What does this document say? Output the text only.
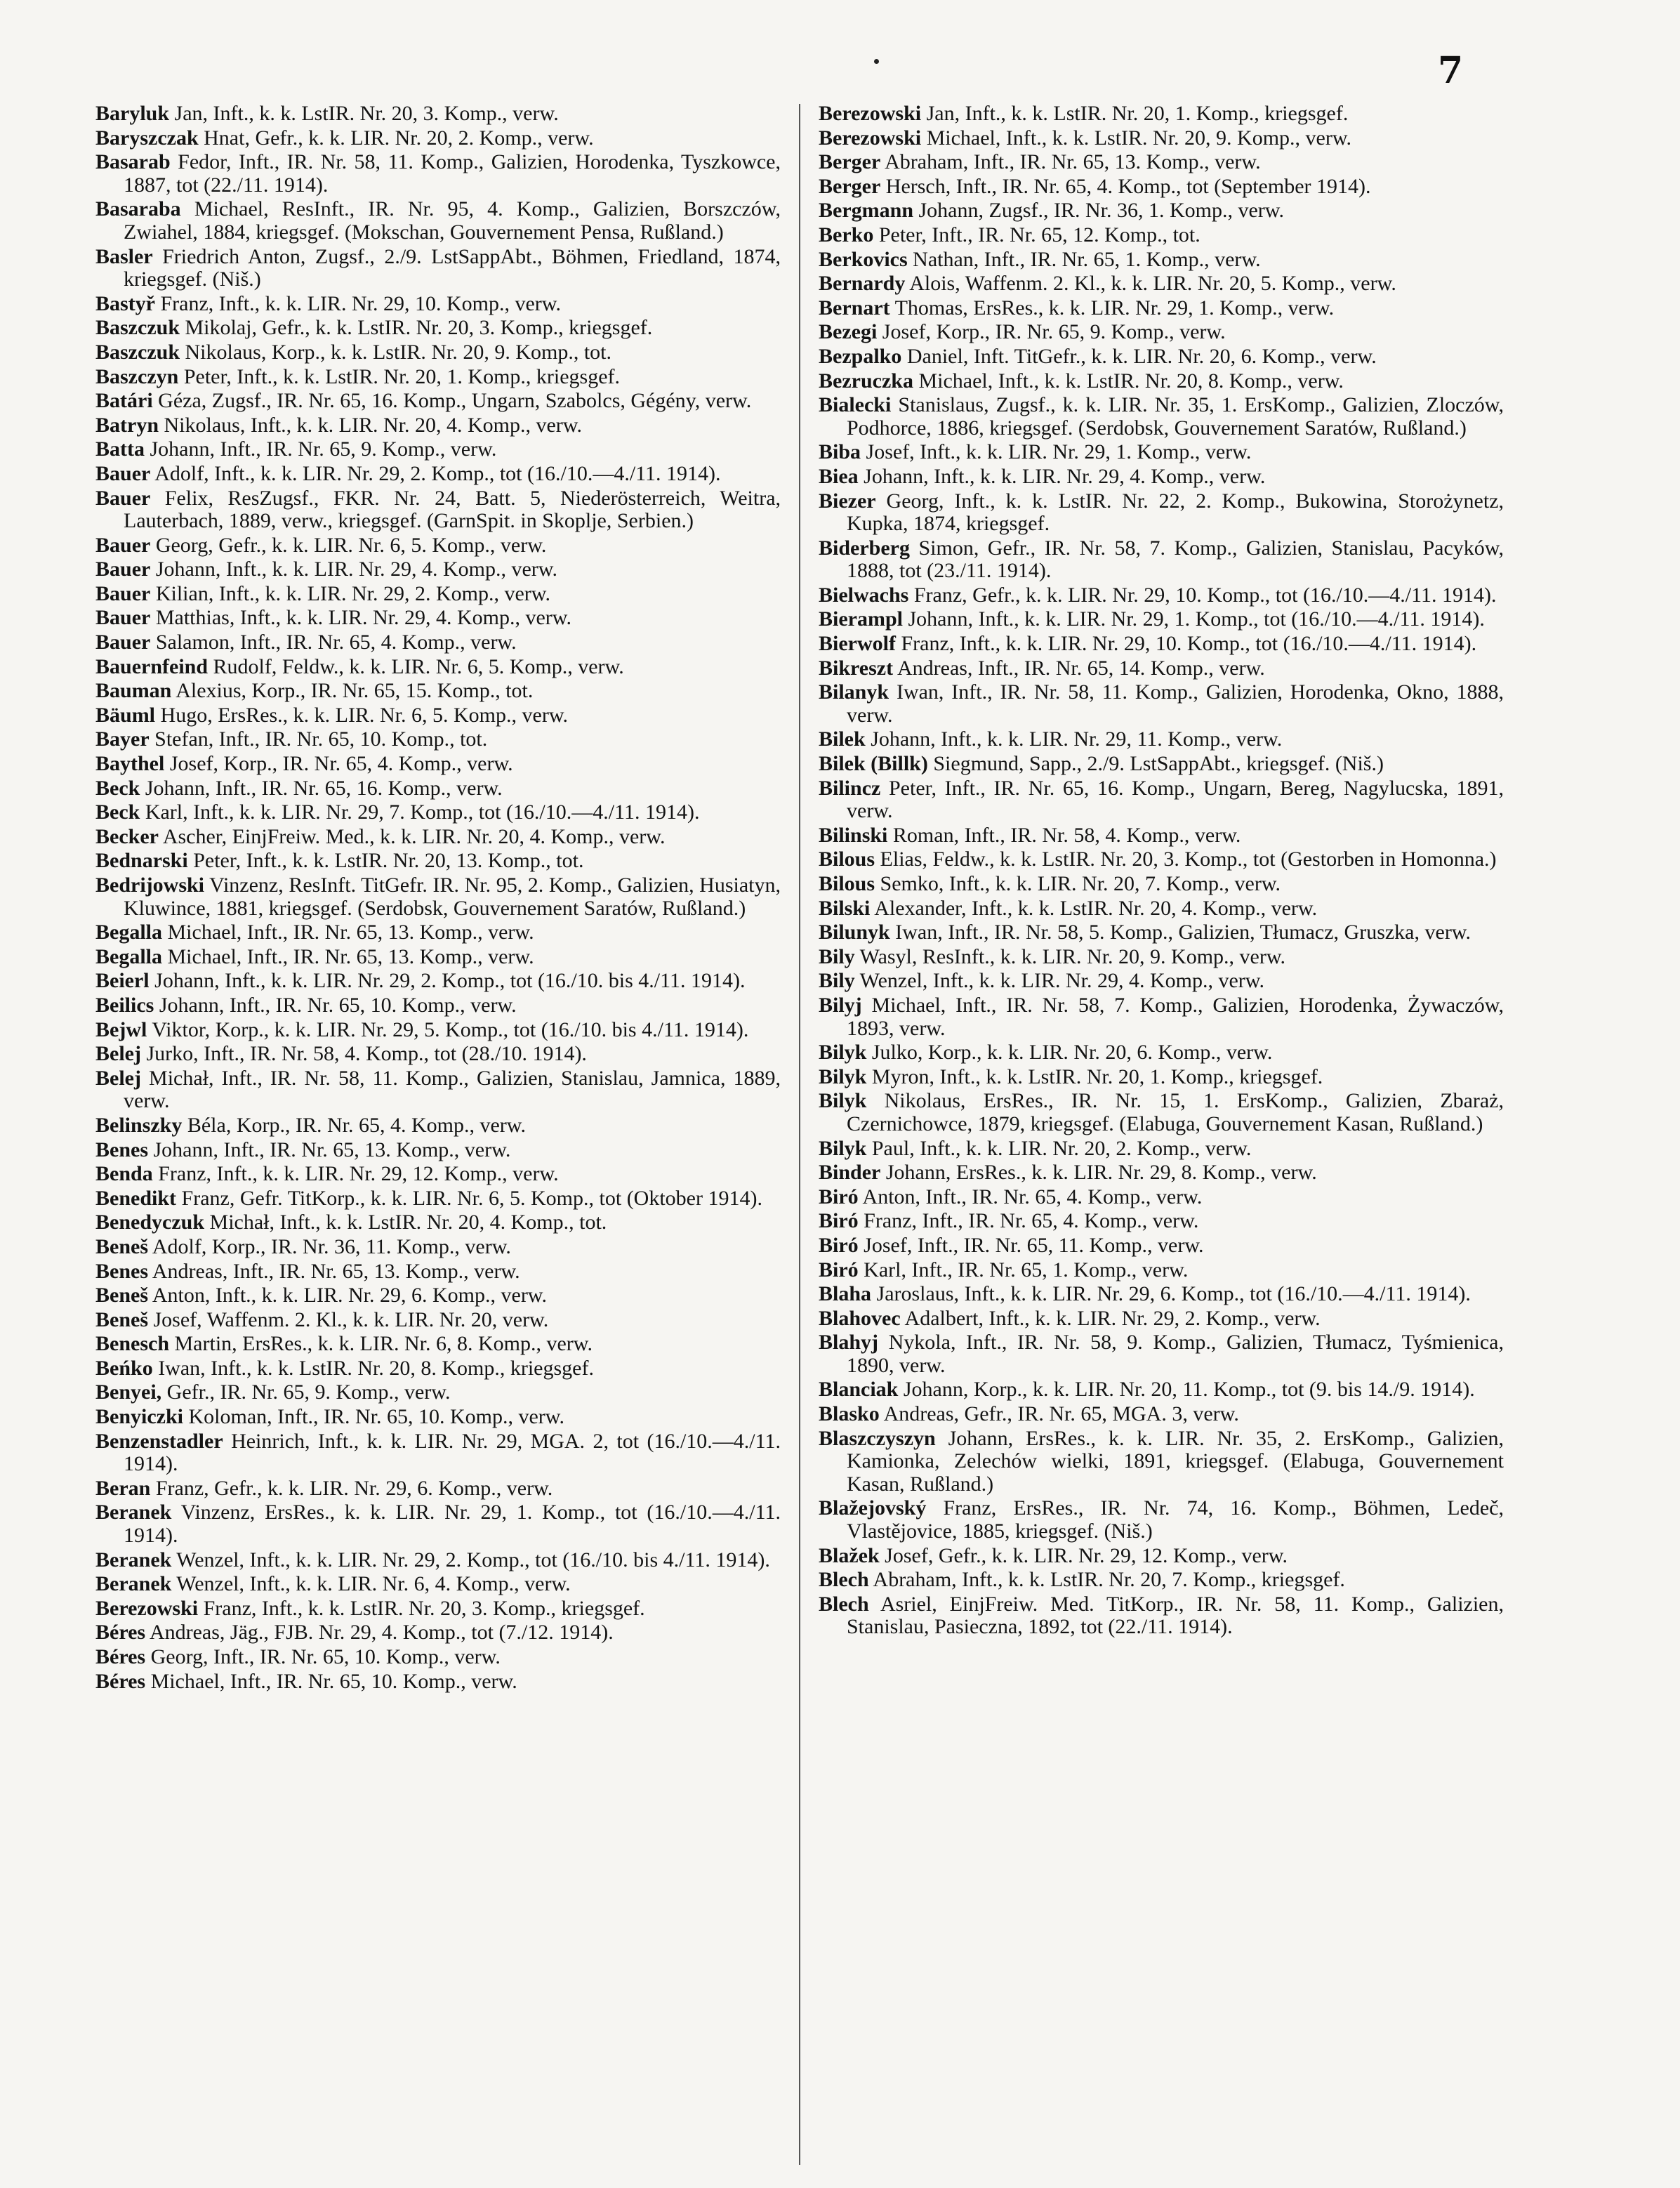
7
Baryluk Jan, Inft., k. k. LstIR. Nr. 20, 3. Komp., verw.
Baryszczak Hnat, Gefr., k. k. LIR. Nr. 20, 2. Komp., verw.
Basarab Fedor, Inft., IR. Nr. 58, 11. Komp., Galizien, Horodenka, Tyszkowce, 1887, tot (22./11. 1914).
Basaraba Michael, ResInft., IR. Nr. 95, 4. Komp., Galizien, Borszczów, Zwiahel, 1884, kriegsgef. (Mokschan, Gouvernement Pensa, Rußland.)
Basler Friedrich Anton, Zugsf., 2./9. LstSappAbt., Böhmen, Friedland, 1874, kriegsgef. (Niš.)
Bastyř Franz, Inft., k. k. LIR. Nr. 29, 10. Komp., verw.
Baszczuk Mikolaj, Gefr., k. k. LstIR. Nr. 20, 3. Komp., kriegsgef.
Baszczuk Nikolaus, Korp., k. k. LstIR. Nr. 20, 9. Komp., tot.
Baszczyn Peter, Inft., k. k. LstIR. Nr. 20, 1. Komp., kriegsgef.
Batári Géza, Zugsf., IR. Nr. 65, 16. Komp., Ungarn, Szabolcs, Gégény, verw.
Batryn Nikolaus, Inft., k. k. LIR. Nr. 20, 4. Komp., verw.
Batta Johann, Inft., IR. Nr. 65, 9. Komp., verw.
Bauer Adolf, Inft., k. k. LIR. Nr. 29, 2. Komp., tot (16./10.—4./11. 1914).
Bauer Felix, ResZugsf., FKR. Nr. 24, Batt. 5, Niederösterreich, Weitra, Lauterbach, 1889, verw., kriegsgef. (GarnSpit. in Skoplje, Serbien.)
Bauer Georg, Gefr., k. k. LIR. Nr. 6, 5. Komp., verw.
Bauer Johann, Inft., k. k. LIR. Nr. 29, 4. Komp., verw.
Bauer Kilian, Inft., k. k. LIR. Nr. 29, 2. Komp., verw.
Bauer Matthias, Inft., k. k. LIR. Nr. 29, 4. Komp., verw.
Bauer Salamon, Inft., IR. Nr. 65, 4. Komp., verw.
Bauernfeind Rudolf, Feldw., k. k. LIR. Nr. 6, 5. Komp., verw.
Bauman Alexius, Korp., IR. Nr. 65, 15. Komp., tot.
Bäuml Hugo, ErsRes., k. k. LIR. Nr. 6, 5. Komp., verw.
Bayer Stefan, Inft., IR. Nr. 65, 10. Komp., tot.
Baythel Josef, Korp., IR. Nr. 65, 4. Komp., verw.
Beck Johann, Inft., IR. Nr. 65, 16. Komp., verw.
Beck Karl, Inft., k. k. LIR. Nr. 29, 7. Komp., tot (16./10.—4./11. 1914).
Becker Ascher, EinjFreiw. Med., k. k. LIR. Nr. 20, 4. Komp., verw.
Bednarski Peter, Inft., k. k. LstIR. Nr. 20, 13. Komp., tot.
Bedrijowski Vinzenz, ResInft. TitGefr. IR. Nr. 95, 2. Komp., Galizien, Husiatyn, Kluwince, 1881, kriegsgef. (Serdobsk, Gouvernement Saratów, Rußland.)
Begalla Michael, Inft., IR. Nr. 65, 13. Komp., verw.
Begalla Michael, Inft., IR. Nr. 65, 13. Komp., verw.
Beierl Johann, Inft., k. k. LIR. Nr. 29, 2. Komp., tot (16./10. bis 4./11. 1914).
Beilics Johann, Inft., IR. Nr. 65, 10. Komp., verw.
Bejwl Viktor, Korp., k. k. LIR. Nr. 29, 5. Komp., tot (16./10. bis 4./11. 1914).
Belej Jurko, Inft., IR. Nr. 58, 4. Komp., tot (28./10. 1914).
Belej Michał, Inft., IR. Nr. 58, 11. Komp., Galizien, Stanislau, Jamnica, 1889, verw.
Belinszky Béla, Korp., IR. Nr. 65, 4. Komp., verw.
Benes Johann, Inft., IR. Nr. 65, 13. Komp., verw.
Benda Franz, Inft., k. k. LIR. Nr. 29, 12. Komp., verw.
Benedikt Franz, Gefr. TitKorp., k. k. LIR. Nr. 6, 5. Komp., tot (Oktober 1914).
Benedyczuk Michał, Inft., k. k. LstIR. Nr. 20, 4. Komp., tot.
Beneš Adolf, Korp., IR. Nr. 36, 11. Komp., verw.
Benes Andreas, Inft., IR. Nr. 65, 13. Komp., verw.
Beneš Anton, Inft., k. k. LIR. Nr. 29, 6. Komp., verw.
Beneš Josef, Waffenm. 2. Kl., k. k. LIR. Nr. 20, verw.
Benesch Martin, ErsRes., k. k. LIR. Nr. 6, 8. Komp., verw.
Beńko Iwan, Inft., k. k. LstIR. Nr. 20, 8. Komp., kriegsgef.
Benyei, Gefr., IR. Nr. 65, 9. Komp., verw.
Benyiczki Koloman, Inft., IR. Nr. 65, 10. Komp., verw.
Benzenstadler Heinrich, Inft., k. k. LIR. Nr. 29, MGA. 2, tot (16./10.—4./11. 1914).
Beran Franz, Gefr., k. k. LIR. Nr. 29, 6. Komp., verw.
Beranek Vinzenz, ErsRes., k. k. LIR. Nr. 29, 1. Komp., tot (16./10.—4./11. 1914).
Beranek Wenzel, Inft., k. k. LIR. Nr. 29, 2. Komp., tot (16./10. bis 4./11. 1914).
Beranek Wenzel, Inft., k. k. LIR. Nr. 6, 4. Komp., verw.
Berezowski Franz, Inft., k. k. LstIR. Nr. 20, 3. Komp., kriegsgef.
Béres Andreas, Jäg., FJB. Nr. 29, 4. Komp., tot (7./12. 1914).
Béres Georg, Inft., IR. Nr. 65, 10. Komp., verw.
Béres Michael, Inft., IR. Nr. 65, 10. Komp., verw.
Berezowski Jan, Inft., k. k. LstIR. Nr. 20, 1. Komp., kriegsgef.
Berezowski Michael, Inft., k. k. LstIR. Nr. 20, 9. Komp., verw.
Berger Abraham, Inft., IR. Nr. 65, 13. Komp., verw.
Berger Hersch, Inft., IR. Nr. 65, 4. Komp., tot (September 1914).
Bergmann Johann, Zugsf., IR. Nr. 36, 1. Komp., verw.
Berko Peter, Inft., IR. Nr. 65, 12. Komp., tot.
Berkovics Nathan, Inft., IR. Nr. 65, 1. Komp., verw.
Bernardy Alois, Waffenm. 2. Kl., k. k. LIR. Nr. 20, 5. Komp., verw.
Bernart Thomas, ErsRes., k. k. LIR. Nr. 29, 1. Komp., verw.
Bezegi Josef, Korp., IR. Nr. 65, 9. Komp., verw.
Bezpalko Daniel, Inft. TitGefr., k. k. LIR. Nr. 20, 6. Komp., verw.
Bezruczka Michael, Inft., k. k. LstIR. Nr. 20, 8. Komp., verw.
Bialecki Stanislaus, Zugsf., k. k. LIR. Nr. 35, 1. ErsKomp., Galizien, Zloczów, Podhorce, 1886, kriegsgef. (Serdobsk, Gouvernement Saratów, Rußland.)
Biba Josef, Inft., k. k. LIR. Nr. 29, 1. Komp., verw.
Biea Johann, Inft., k. k. LIR. Nr. 29, 4. Komp., verw.
Biezer Georg, Inft., k. k. LstIR. Nr. 22, 2. Komp., Bukowina, Storożynetz, Kupka, 1874, kriegsgef.
Biderberg Simon, Gefr., IR. Nr. 58, 7. Komp., Galizien, Stanislau, Pacyków, 1888, tot (23./11. 1914).
Bielwachs Franz, Gefr., k. k. LIR. Nr. 29, 10. Komp., tot (16./10.—4./11. 1914).
Bierampl Johann, Inft., k. k. LIR. Nr. 29, 1. Komp., tot (16./10.—4./11. 1914).
Bierwolf Franz, Inft., k. k. LIR. Nr. 29, 10. Komp., tot (16./10.—4./11. 1914).
Bikreszt Andreas, Inft., IR. Nr. 65, 14. Komp., verw.
Bilanyk Iwan, Inft., IR. Nr. 58, 11. Komp., Galizien, Horodenka, Okno, 1888, verw.
Bilek Johann, Inft., k. k. LIR. Nr. 29, 11. Komp., verw.
Bilek (Billk) Siegmund, Sapp., 2./9. LstSappAbt., kriegsgef. (Niš.)
Bilincz Peter, Inft., IR. Nr. 65, 16. Komp., Ungarn, Bereg, Nagylucska, 1891, verw.
Bilinski Roman, Inft., IR. Nr. 58, 4. Komp., verw.
Bilous Elias, Feldw., k. k. LstIR. Nr. 20, 3. Komp., tot (Gestorben in Homonna.)
Bilous Semko, Inft., k. k. LIR. Nr. 20, 7. Komp., verw.
Bilski Alexander, Inft., k. k. LstIR. Nr. 20, 4. Komp., verw.
Bilunyk Iwan, Inft., IR. Nr. 58, 5. Komp., Galizien, Tłumacz, Gruszka, verw.
Bily Wasyl, ResInft., k. k. LIR. Nr. 20, 9. Komp., verw.
Bily Wenzel, Inft., k. k. LIR. Nr. 29, 4. Komp., verw.
Bilyj Michael, Inft., IR. Nr. 58, 7. Komp., Galizien, Horodenka, Żywaczów, 1893, verw.
Bilyk Julko, Korp., k. k. LIR. Nr. 20, 6. Komp., verw.
Bilyk Myron, Inft., k. k. LstIR. Nr. 20, 1. Komp., kriegsgef.
Bilyk Nikolaus, ErsRes., IR. Nr. 15, 1. ErsKomp., Galizien, Zbaraż, Czernichowce, 1879, kriegsgef. (Elabuga, Gouvernement Kasan, Rußland.)
Bilyk Paul, Inft., k. k. LIR. Nr. 20, 2. Komp., verw.
Binder Johann, ErsRes., k. k. LIR. Nr. 29, 8. Komp., verw.
Biró Anton, Inft., IR. Nr. 65, 4. Komp., verw.
Biró Franz, Inft., IR. Nr. 65, 4. Komp., verw.
Biró Josef, Inft., IR. Nr. 65, 11. Komp., verw.
Biró Karl, Inft., IR. Nr. 65, 1. Komp., verw.
Blaha Jaroslaus, Inft., k. k. LIR. Nr. 29, 6. Komp., tot (16./10.—4./11. 1914).
Blahovec Adalbert, Inft., k. k. LIR. Nr. 29, 2. Komp., verw.
Blahyj Nykola, Inft., IR. Nr. 58, 9. Komp., Galizien, Tłumacz, Tyśmienica, 1890, verw.
Blanciak Johann, Korp., k. k. LIR. Nr. 20, 11. Komp., tot (9. bis 14./9. 1914).
Blasko Andreas, Gefr., IR. Nr. 65, MGA. 3, verw.
Blaszczyszyn Johann, ErsRes., k. k. LIR. Nr. 35, 2. ErsKomp., Galizien, Kamionka, Zelechów wielki, 1891, kriegsgef. (Elabuga, Gouvernement Kasan, Rußland.)
Blažejovský Franz, ErsRes., IR. Nr. 74, 16. Komp., Böhmen, Ledeč, Vlastějovice, 1885, kriegsgef. (Niš.)
Blažek Josef, Gefr., k. k. LIR. Nr. 29, 12. Komp., verw.
Blech Abraham, Inft., k. k. LstIR. Nr. 20, 7. Komp., kriegsgef.
Blech Asriel, EinjFreiw. Med. TitKorp., IR. Nr. 58, 11. Komp., Galizien, Stanislau, Pasieczna, 1892, tot (22./11. 1914).
